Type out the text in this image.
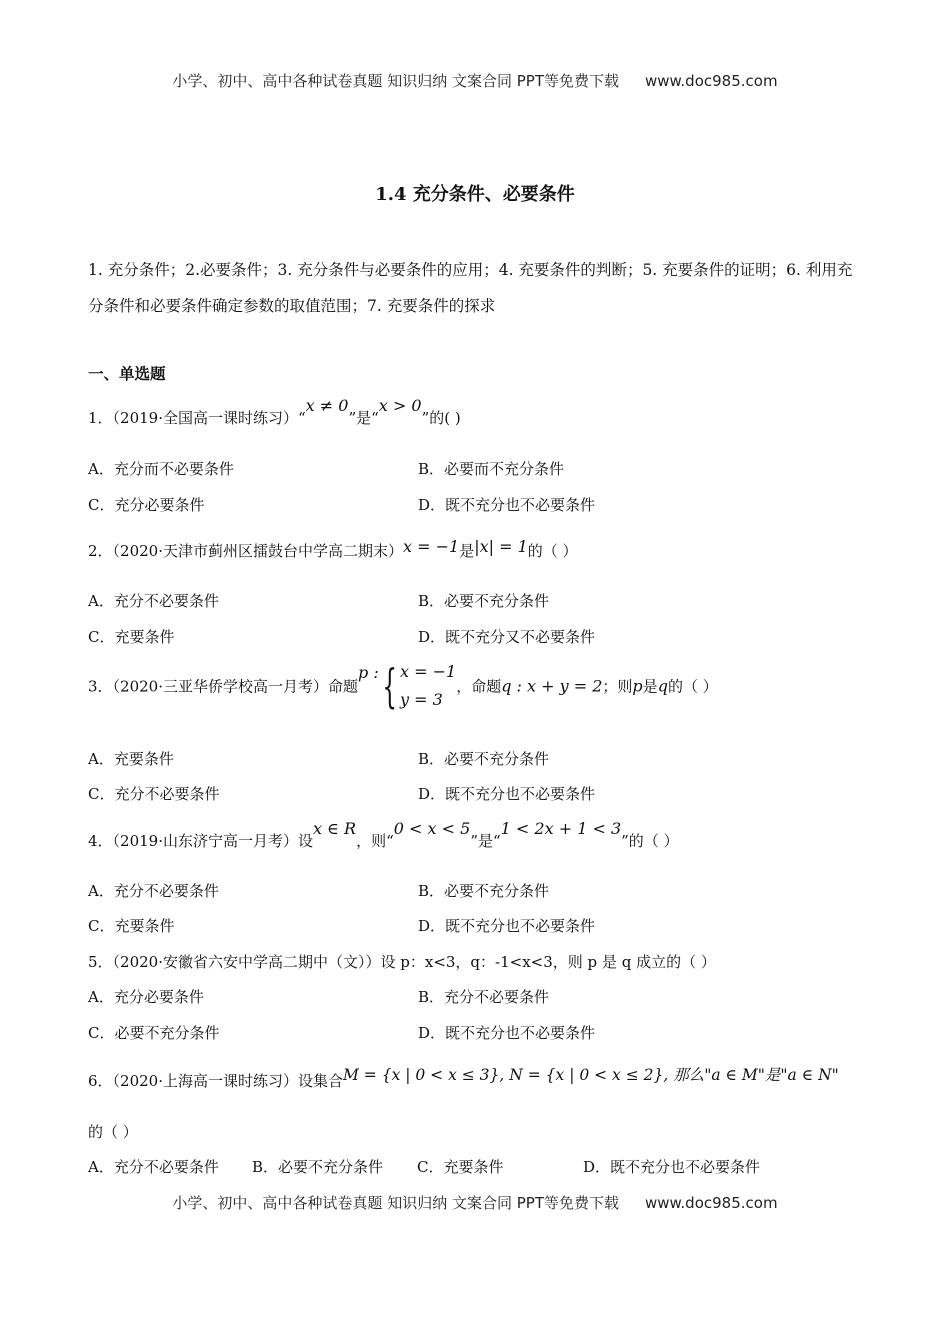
小学、初中、高中各种试卷真题 知识归纳 文案合同 PPT等免费下载 www.doc985.com
1.4 充分条件、必要条件
1. 充分条件；2.必要条件；3. 充分条件与必要条件的应用；4. 充要条件的判断；5. 充要条件的证明；6. 利用充分条件和必要条件确定参数的取值范围；7. 充要条件的探求
一、单选题
1．（2019·全国高一课时练习）“x ≠ 0”是“x > 0”的( )
A．充分而不必要条件	B．必要而不充分条件
C．充分必要条件	D．既不充分也不必要条件
2．（2020·天津市蓟州区擂鼓台中学高二期末）x = −1是|x| = 1的（ ）
A．充分不必要条件	B．必要不充分条件
C．充要条件	D．既不充分又不必要条件
3．（2020·三亚华侨学校高一月考）命题p :{ x = −1
y = 3
，命题q : x + y = 2；则p是q的（ ）
A．充要条件	B．必要不充分条件
C．充分不必要条件	D．既不充分也不必要条件
4．（2019·山东济宁高一月考）设x ∈ R，则“0 < x < 5”是“1 < 2x + 1 < 3”的（ ）
A．充分不必要条件	B．必要不充分条件
C．充要条件	D．既不充分也不必要条件
5．（2020·安徽省六安中学高二期中（文））设 p：x<3，q：-1<x<3，则 p 是 q 成立的（ ）
A．充分必要条件	B．充分不必要条件
C．必要不充分条件	D．既不充分也不必要条件
6．（2020·上海高一课时练习）设集合M = {x | 0 < x ≤ 3}, N = {x | 0 < x ≤ 2}, 那么"a ∈ M"是"a ∈ N"
的（ ）
A．充分不必要条件 B．必要不充分条件 C．充要条件	D．既不充分也不必要条件
小学、初中、高中各种试卷真题 知识归纳 文案合同 PPT等免费下载 www.doc985.com
